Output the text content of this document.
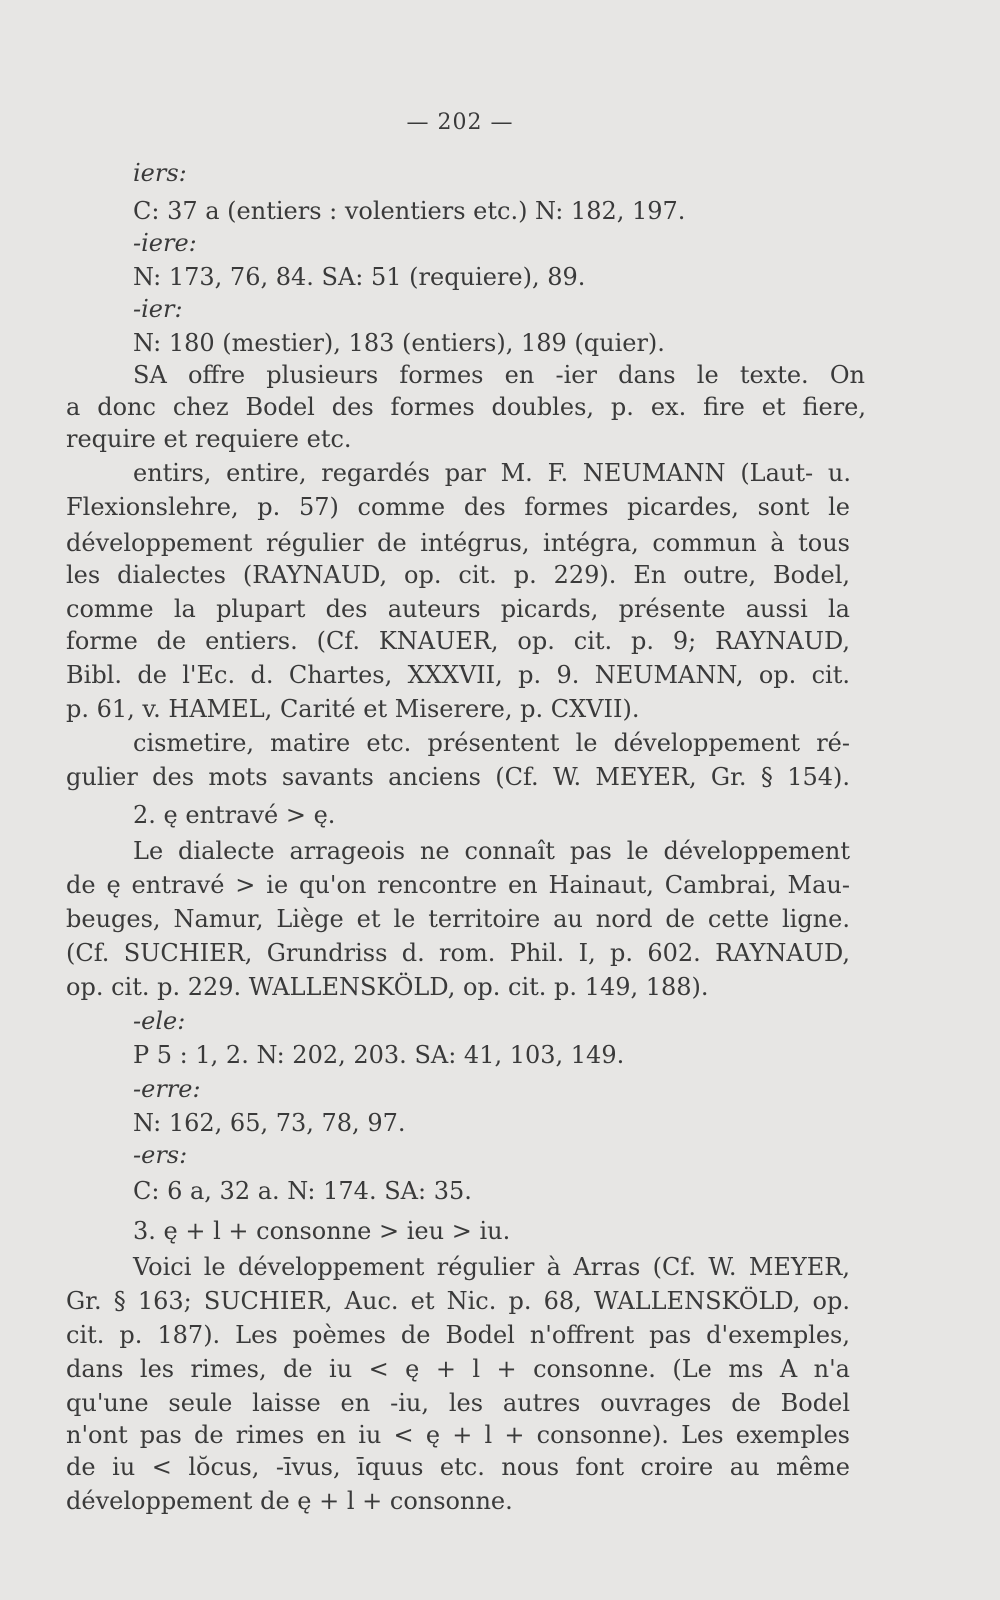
— 202 —
iers:
C: 37 a (entiers : volentiers etc.) N: 182, 197.
-iere:
N: 173, 76, 84. SA: 51 (requiere), 89.
-ier:
N: 180 (mestier), 183 (entiers), 189 (quier).
SA offre plusieurs formes en -ier dans le texte. On
a donc chez Bodel des formes doubles, p. ex. fire et fiere,
require et requiere etc.
entirs, entire, regardés par M. F. NEUMANN (Laut- u.
Flexionslehre, p. 57) comme des formes picardes, sont le
développement régulier de intégrus, intégra, commun à tous
les dialectes (RAYNAUD, op. cit. p. 229). En outre, Bodel,
comme la plupart des auteurs picards, présente aussi la
forme de entiers. (Cf. KNAUER, op. cit. p. 9; RAYNAUD,
Bibl. de l'Ec. d. Chartes, XXXVII, p. 9. NEUMANN, op. cit.
p. 61, v. HAMEL, Carité et Miserere, p. CXVII).
cismetire, matire etc. présentent le développement ré-
gulier des mots savants anciens (Cf. W. MEYER, Gr. § 154).
2. ę entravé > ę.
Le dialecte arrageois ne connaît pas le développement
de ę entravé > ie qu'on rencontre en Hainaut, Cambrai, Mau-
beuges, Namur, Liège et le territoire au nord de cette ligne.
(Cf. SUCHIER, Grundriss d. rom. Phil. I, p. 602. RAYNAUD,
op. cit. p. 229. WALLENSKÖLD, op. cit. p. 149, 188).
-ele:
P 5 : 1, 2. N: 202, 203. SA: 41, 103, 149.
-erre:
N: 162, 65, 73, 78, 97.
-ers:
C: 6 a, 32 a. N: 174. SA: 35.
3. ę + l + consonne > ieu > iu.
Voici le développement régulier à Arras (Cf. W. MEYER,
Gr. § 163; SUCHIER, Auc. et Nic. p. 68, WALLENSKÖLD, op.
cit. p. 187). Les poèmes de Bodel n'offrent pas d'exemples,
dans les rimes, de iu < ę + l + consonne. (Le ms A n'a
qu'une seule laisse en -iu, les autres ouvrages de Bodel
n'ont pas de rimes en iu < ę + l + consonne). Les exemples
de iu < lŏcus, -īvus, īquus etc. nous font croire au même
développement de ę + l + consonne.
